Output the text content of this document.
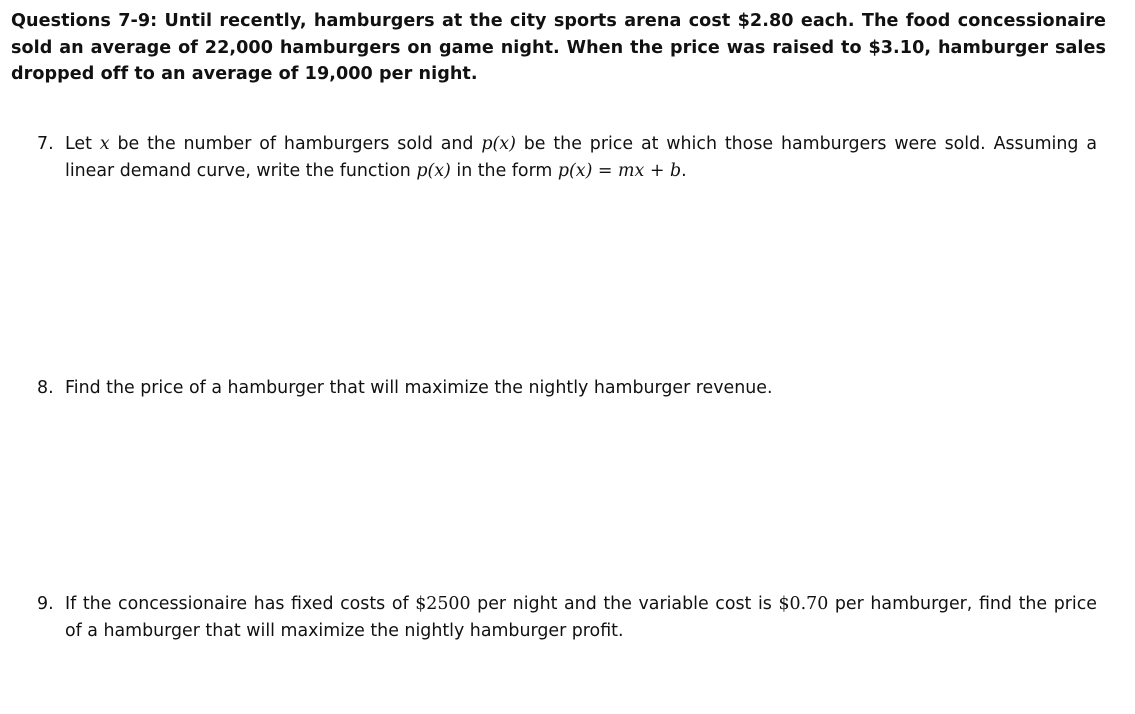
Questions 7-9: Until recently, hamburgers at the city sports arena cost $2.80 each. The food concessionaire sold an average of 22,000 hamburgers on game night. When the price was raised to $3.10, hamburger sales dropped off to an average of 19,000 per night.
7. Let x be the number of hamburgers sold and p(x) be the price at which those hamburgers were sold. Assuming a linear demand curve, write the function p(x) in the form p(x) = mx + b.
8. Find the price of a hamburger that will maximize the nightly hamburger revenue.
9. If the concessionaire has fixed costs of $2500 per night and the variable cost is $0.70 per hamburger, find the price of a hamburger that will maximize the nightly hamburger profit.
